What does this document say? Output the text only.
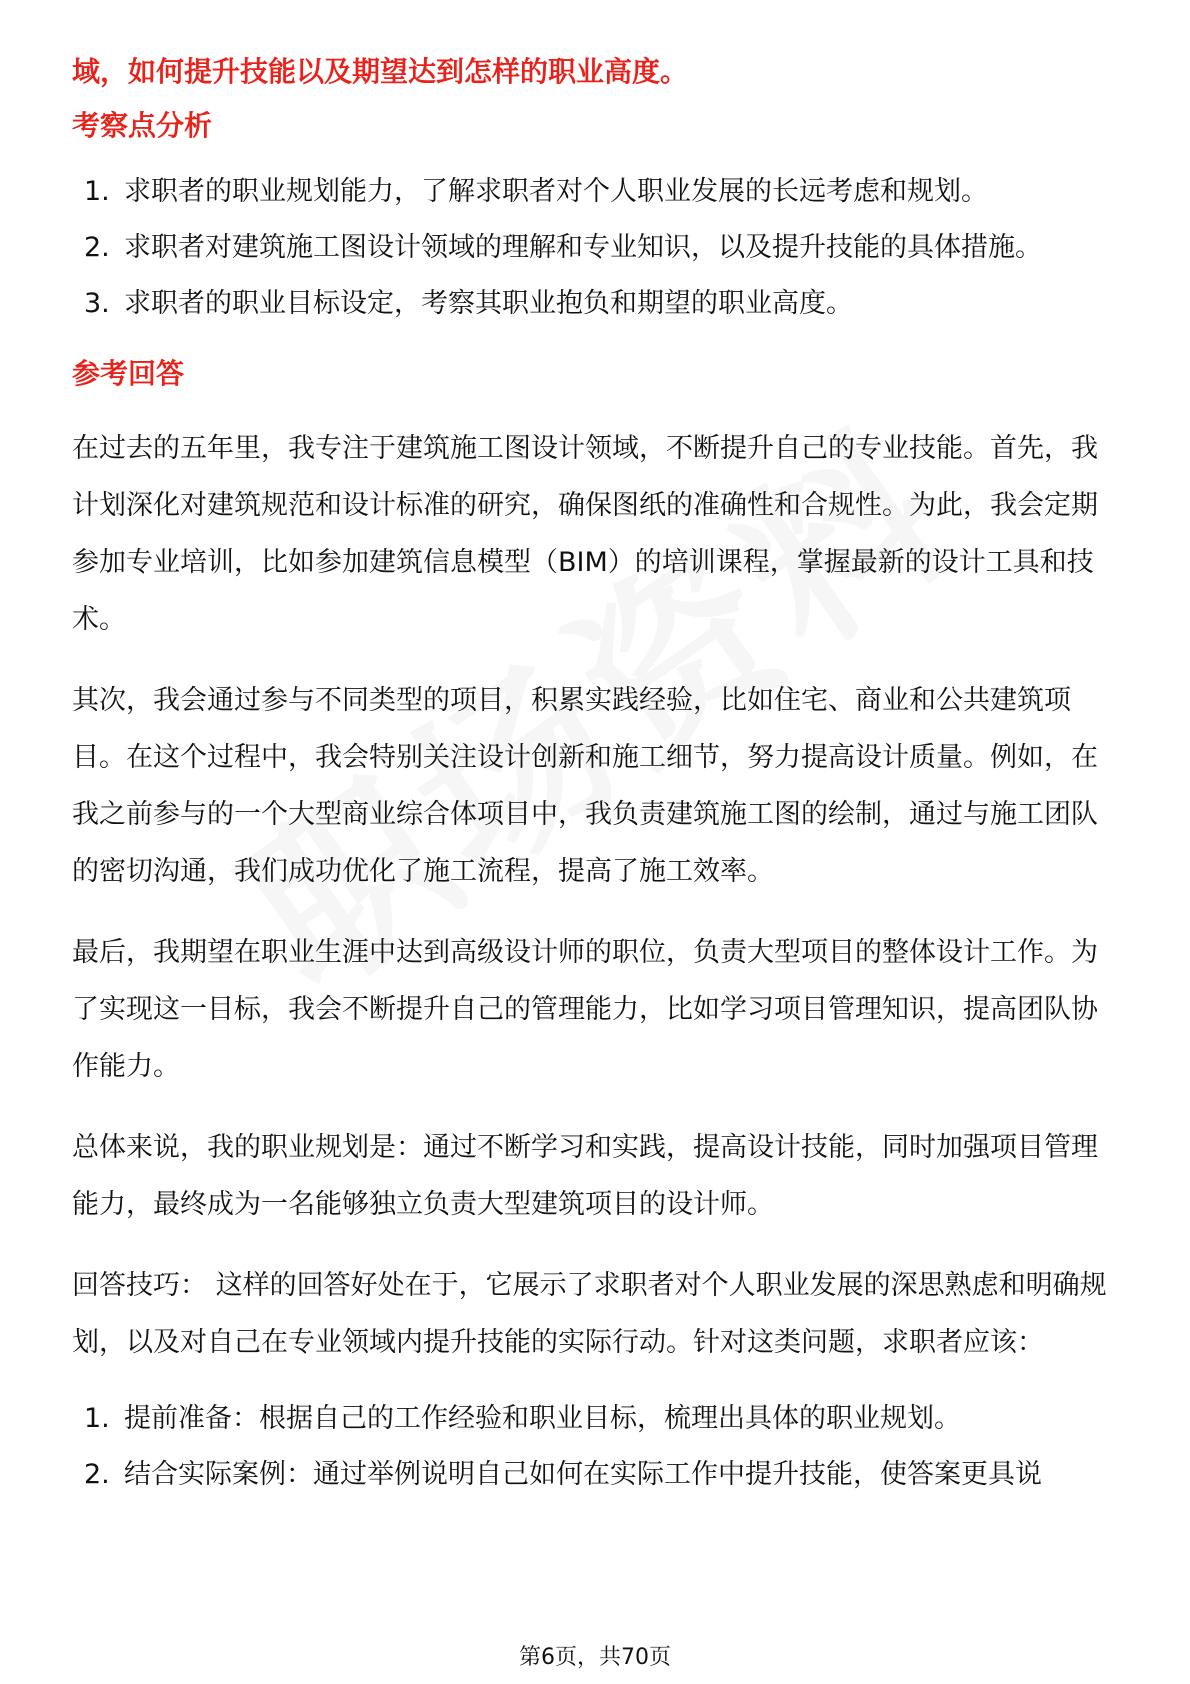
域，如何提升技能以及期望达到怎样的职业高度。

考察点分析

1. 求职者的职业规划能力，了解求职者对个人职业发展的长远考虑和规划。
2. 求职者对建筑施工图设计领域的理解和专业知识，以及提升技能的具体措施。
3. 求职者的职业目标设定，考察其职业抱负和期望的职业高度。

参考回答

在过去的五年里，我专注于建筑施工图设计领域，不断提升自己的专业技能。首先，我计划深化对建筑规范和设计标准的研究，确保图纸的准确性和合规性。为此，我会定期参加专业培训，比如参加建筑信息模型（BIM）的培训课程，掌握最新的设计工具和技术。

其次，我会通过参与不同类型的项目，积累实践经验，比如住宅、商业和公共建筑项目。在这个过程中，我会特别关注设计创新和施工细节，努力提高设计质量。例如，在我之前参与的一个大型商业综合体项目中，我负责建筑施工图的绘制，通过与施工团队的密切沟通，我们成功优化了施工流程，提高了施工效率。

最后，我期望在职业生涯中达到高级设计师的职位，负责大型项目的整体设计工作。为了实现这一目标，我会不断提升自己的管理能力，比如学习项目管理知识，提高团队协作能力。

总体来说，我的职业规划是：通过不断学习和实践，提高设计技能，同时加强项目管理能力，最终成为一名能够独立负责大型建筑项目的设计师。

回答技巧： 这样的回答好处在于，它展示了求职者对个人职业发展的深思熟虑和明确规划，以及对自己在专业领域内提升技能的实际行动。针对这类问题，求职者应该：

1. 提前准备：根据自己的工作经验和职业目标，梳理出具体的职业规划。
2. 结合实际案例：通过举例说明自己如何在实际工作中提升技能，使答案更具说
第6页，共70页
